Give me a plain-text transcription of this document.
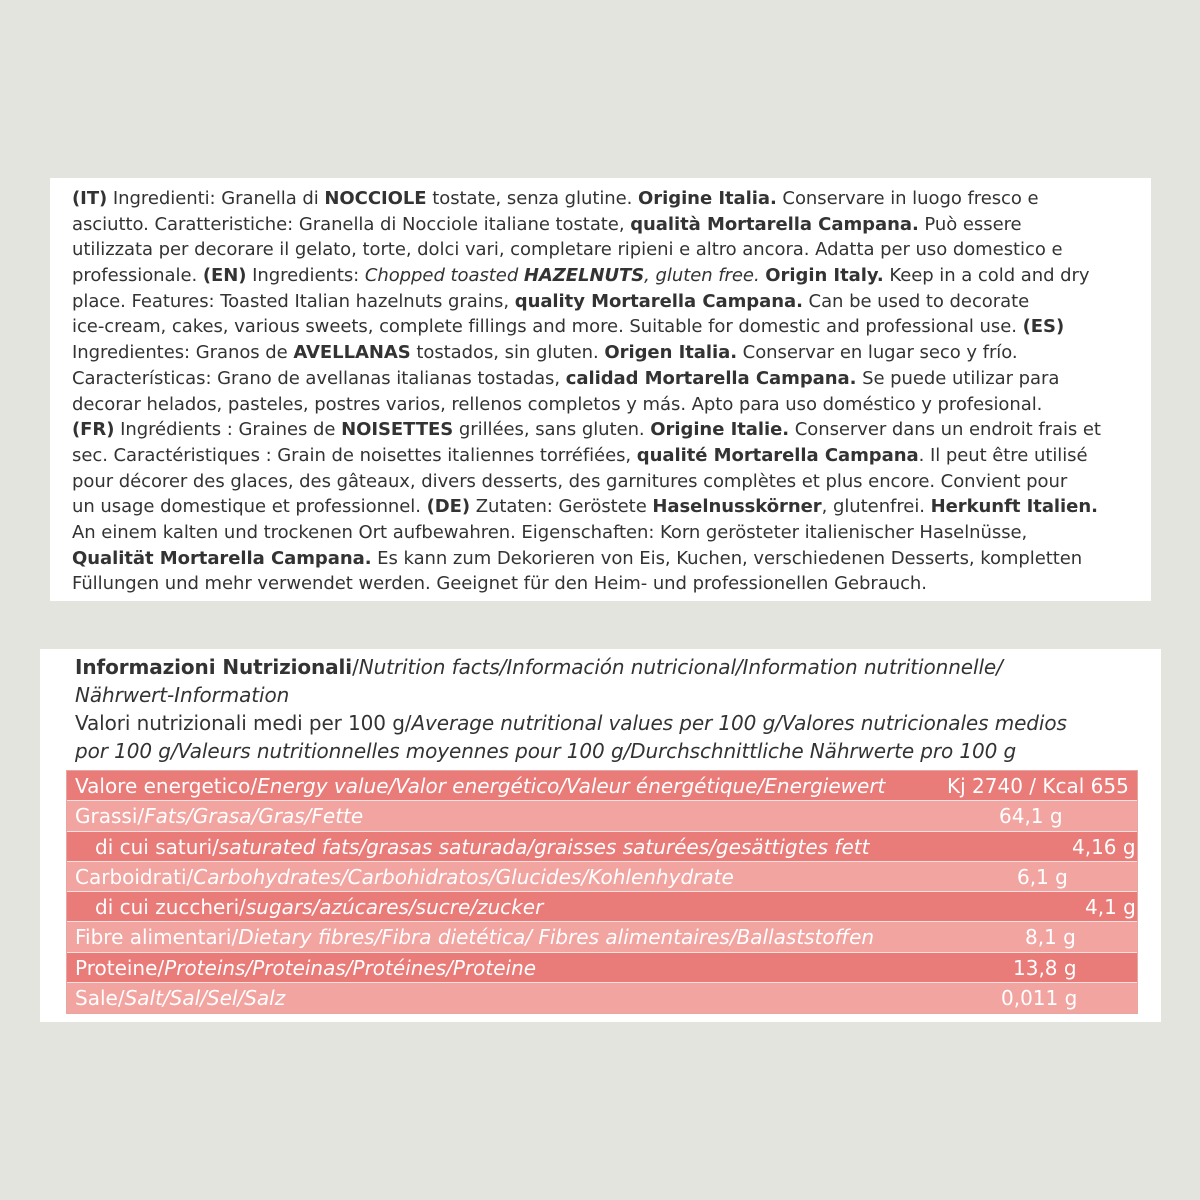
(IT) Ingredienti: Granella di NOCCIOLE tostate, senza glutine. Origine Italia. Conservare in luogo fresco e
asciutto. Caratteristiche: Granella di Nocciole italiane tostate, qualità Mortarella Campana. Può essere
utilizzata per decorare il gelato, torte, dolci vari, completare ripieni e altro ancora. Adatta per uso domestico e
professionale. (EN) Ingredients: Chopped toasted HAZELNUTS, gluten free. Origin Italy. Keep in a cold and dry
place. Features: Toasted Italian hazelnuts grains, quality Mortarella Campana. Can be used to decorate
ice-cream, cakes, various sweets, complete fillings and more. Suitable for domestic and professional use. (ES)
Ingredientes: Granos de AVELLANAS tostados, sin gluten. Origen Italia. Conservar en lugar seco y frío.
Características: Grano de avellanas italianas tostadas, calidad Mortarella Campana. Se puede utilizar para
decorar helados, pasteles, postres varios, rellenos completos y más. Apto para uso doméstico y profesional.
(FR) Ingrédients : Graines de NOISETTES grillées, sans gluten. Origine Italie. Conserver dans un endroit frais et
sec. Caractéristiques : Grain de noisettes italiennes torréfiées, qualité Mortarella Campana. Il peut être utilisé
pour décorer des glaces, des gâteaux, divers desserts, des garnitures complètes et plus encore. Convient pour
un usage domestique et professionnel. (DE) Zutaten: Geröstete Haselnusskörner, glutenfrei. Herkunft Italien.
An einem kalten und trockenen Ort aufbewahren. Eigenschaften: Korn gerösteter italienischer Haselnüsse,
Qualität Mortarella Campana. Es kann zum Dekorieren von Eis, Kuchen, verschiedenen Desserts, kompletten
Füllungen und mehr verwendet werden. Geeignet für den Heim- und professionellen Gebrauch.
Informazioni Nutrizionali/Nutrition facts/Información nutricional/Information nutritionnelle/
Nährwert-Information
Valori nutrizionali medi per 100 g/Average nutritional values per 100 g/Valores nutricionales medios
por 100 g/Valeurs nutritionnelles moyennes pour 100 g/Durchschnittliche Nährwerte pro 100 g
Valore energetico/Energy value/Valor energético/Valeur énergétique/Energiewert	Kj 2740 / Kcal 655
Grassi/Fats/Grasa/Gras/Fette	64,1 g
di cui saturi/saturated fats/grasas saturada/graisses saturées/gesättigtes fett	4,16 g
Carboidrati/Carbohydrates/Carbohidratos/Glucides/Kohlenhydrate	6,1 g
di cui zuccheri/sugars/azúcares/sucre/zucker	4,1 g
Fibre alimentari/Dietary fibres/Fibra dietética/ Fibres alimentaires/Ballaststoffen	8,1 g
Proteine/Proteins/Proteinas/Protéines/Proteine	13,8 g
Sale/Salt/Sal/Sel/Salz	0,011 g
